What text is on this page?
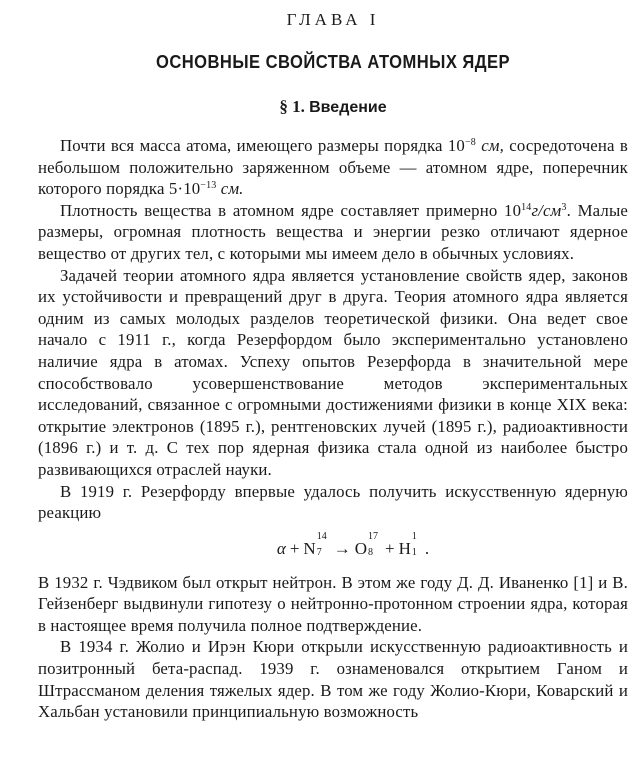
ГЛАВА I
ОСНОВНЫЕ СВОЙСТВА АТОМНЫХ ЯДЕР
§ 1. Введение

Почти вся масса атома, имеющего размеры порядка $10^{-8}$ см, сосредоточена в небольшом положительно заряженном объеме — атомном ядре, поперечник которого порядка $5\cdot 10^{-13}$ см.

Плотность вещества в атомном ядре составляет примерно $10^{14}г/см^3$. Малые размеры, огромная плотность вещества и энергии резко отличают ядерное вещество от других тел, с которыми мы имеем дело в обычных условиях.

Задачей теории атомного ядра является установление свойств ядер, законов их устойчивости и превращений друг в друга. Теория атомного ядра является одним из самых молодых разделов теоретической физики. Она ведет свое начало с 1911 г., когда Резерфордом было экспериментально установлено наличие ядра в атомах. Успеху опытов Резерфорда в значительной мере способствовало усовершенствование методов экспериментальных исследований, связанное с огромными достижениями физики в конце XIX века: открытие электронов (1895 г.), рентгеновских лучей (1895 г.), радиоактивности (1896 г.) и т. д. С тех пор ядерная физика стала одной из наиболее быстро развивающихся отраслей науки.

В 1919 г. Резерфорду впервые удалось получить искусственную ядерную реакцию

α + N
14
7 → O
17
8 + H
1
1 .

В 1932 г. Чэдвиком был открыт нейтрон. В этом же году Д. Д. Иваненко [1] и В. Гейзенберг выдвинули гипотезу о нейтронно-протонном строении ядра, которая в настоящее время получила полное подтверждение.

В 1934 г. Жолио и Ирэн Кюри открыли искусственную радиоактивность и позитронный бета-распад. 1939 г. ознаменовался открытием Ганом и Штрассманом деления тяжелых ядер. В том же году Жолио-Кюри, Коварский и Хальбан установили принципиальную возможность
